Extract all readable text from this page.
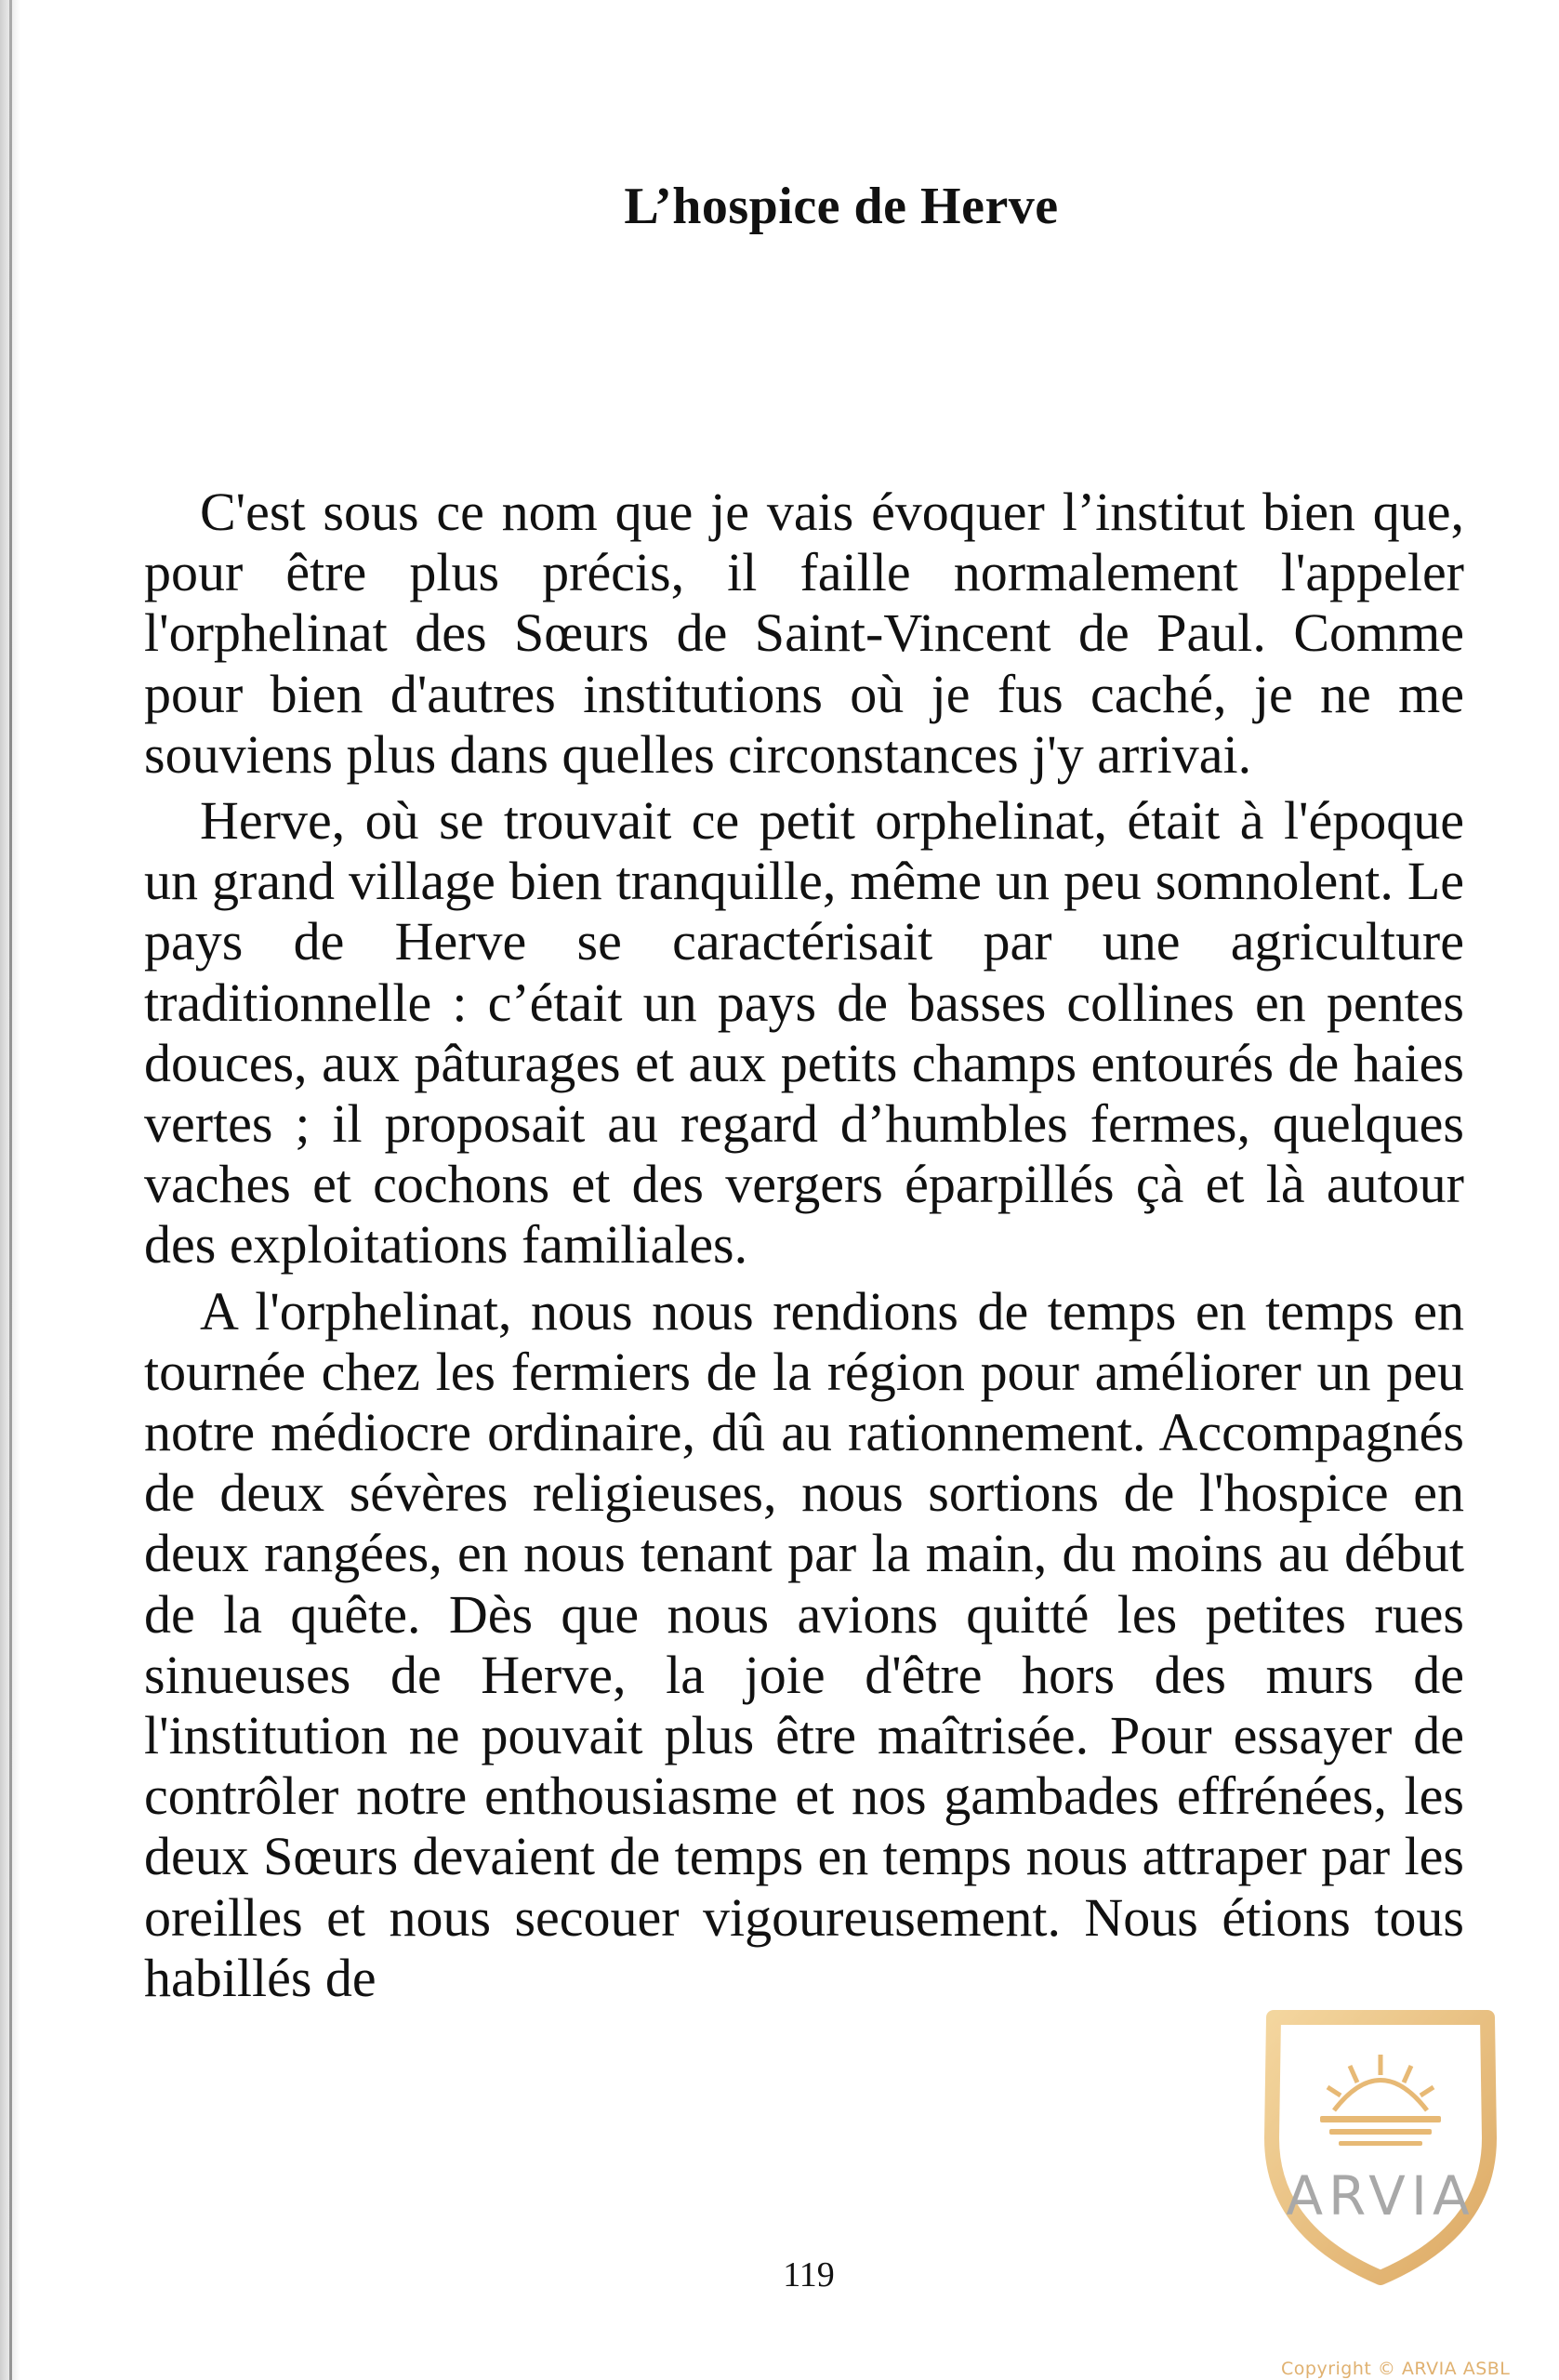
L’hospice de Herve

C'est sous ce nom que je vais évoquer l’institut bien que, pour être plus précis, il faille normalement l'appeler l'orphelinat des Sœurs de Saint-Vincent de Paul. Comme pour bien d'autres institutions où je fus caché, je ne me souviens plus dans quelles circonstances j'y arrivai.

Herve, où se trouvait ce petit orphelinat, était à l'époque un grand village bien tranquille, même un peu somnolent. Le pays de Herve se caractérisait par une agriculture traditionnelle : c’était un pays de basses collines en pentes douces, aux pâturages et aux petits champs entourés de haies vertes ; il proposait au regard d’humbles fermes, quelques vaches et cochons et des vergers éparpillés çà et là autour des exploitations familiales.

A l'orphelinat, nous nous rendions de temps en temps en tournée chez les fermiers de la région pour améliorer un peu notre médiocre ordinaire, dû au rationnement. Accompagnés de deux sévères religieuses, nous sortions de l'hospice en deux rangées, en nous tenant par la main, du moins au début de la quête. Dès que nous avions quitté les petites rues sinueuses de Herve, la joie d'être hors des murs de l'institution ne pouvait plus être maîtrisée. Pour essayer de contrôler notre enthousiasme et nos gambades effrénées, les deux Sœurs devaient de temps en temps nous attraper par les oreilles et nous secouer vigoureusement. Nous étions tous habillés de

119
ARVIA
Copyright © ARVIA ASBL
